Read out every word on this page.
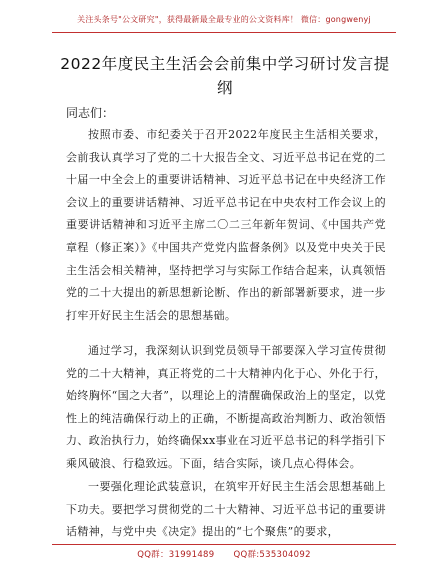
关注头条号"公文研究"，获得最新最全最专业的公文资料库！ 微信：gongwenyj
2022年度民主生活会会前集中学习研讨发言提纲
同志们：

按照市委、市纪委关于召开2022年度民主生活相关要求，会前我认真学习了党的二十大报告全文、习近平总书记在党的二十届一中全会上的重要讲话精神、习近平总书记在中央经济工作会议上的重要讲话精神、习近平总书记在中央农村工作会议上的重要讲话精神和习近平主席二〇二三年新年贺词、《中国共产党章程（修正案）》《中国共产党党内监督条例》以及党中央关于民主生活会相关精神，坚持把学习与实际工作结合起来，认真领悟党的二十大提出的新思想新论断、作出的新部署新要求，进一步打牢开好民主生活会的思想基础。

通过学习，我深刻认识到党员领导干部要深入学习宣传贯彻党的二十大精神，真正将党的二十大精神内化于心、外化于行，始终胸怀“国之大者”，以理论上的清醒确保政治上的坚定，以党性上的纯洁确保行动上的正确，不断提高政治判断力、政治领悟力、政治执行力，始终确保xx事业在习近平总书记的科学指引下乘风破浪、行稳致远。下面，结合实际，谈几点心得体会。

一要强化理论武装意识，在筑牢开好民主生活会思想基础上下功夫。要把学习贯彻党的二十大精神、习近平总书记的重要讲话精神，与党中央《决定》提出的“七个聚焦”的要求，

QQ群：31991489 QQ群:535304092
